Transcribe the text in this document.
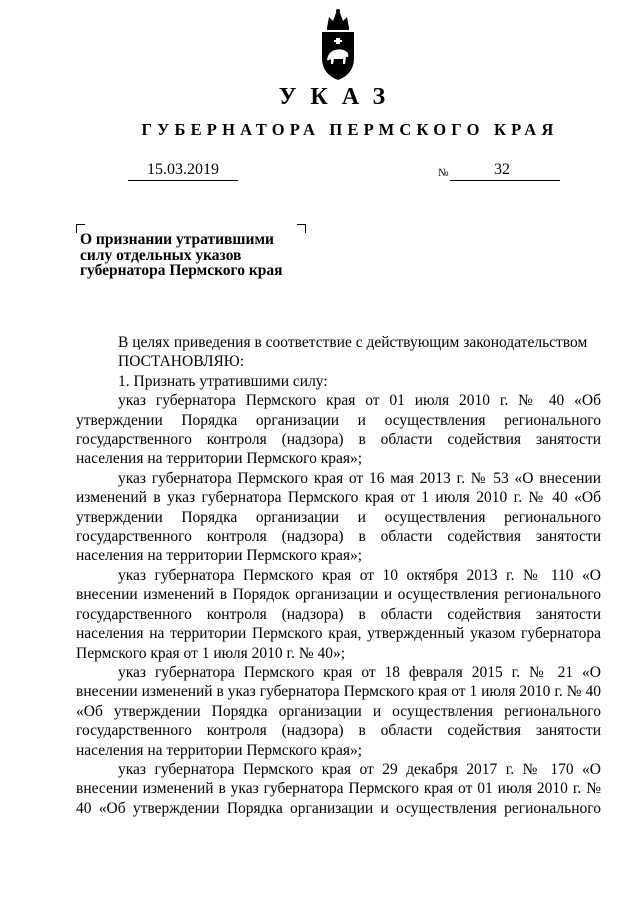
УКАЗ
ГУБЕРНАТОРА ПЕРМСКОГО КРАЯ
15.03.2019	№	32
О признании утратившими
силу отдельных указов
губернатора Пермского края

В целях приведения в соответствие с действующим законодательством

ПОСТАНОВЛЯЮ:

1. Признать утратившими силу:

указ губернатора Пермского края от 01 июля 2010 г. № 40 «Об утверждении Порядка организации и осуществления регионального государственного контроля (надзора) в области содействия занятости населения на территории Пермского края»;

указ губернатора Пермского края от 16 мая 2013 г. № 53 «О внесении изменений в указ губернатора Пермского края от 1 июля 2010 г. № 40 «Об утверждении Порядка организации и осуществления регионального государственного контроля (надзора) в области содействия занятости населения на территории Пермского края»;

указ губернатора Пермского края от 10 октября 2013 г. № 110 «О внесении изменений в Порядок организации и осуществления регионального государственного контроля (надзора) в области содействия занятости населения на территории Пермского края, утвержденный указом губернатора Пермского края от 1 июля 2010 г. № 40»;

указ губернатора Пермского края от 18 февраля 2015 г. № 21 «О внесении изменений в указ губернатора Пермского края от 1 июля 2010 г. № 40 «Об утверждении Порядка организации и осуществления регионального государственного контроля (надзора) в области содействия занятости населения на территории Пермского края»;

указ губернатора Пермского края от 29 декабря 2017 г. № 170 «О внесении изменений в указ губернатора Пермского края от 01 июля 2010 г. № 40 «Об утверждении Порядка организации и осуществления регионального
